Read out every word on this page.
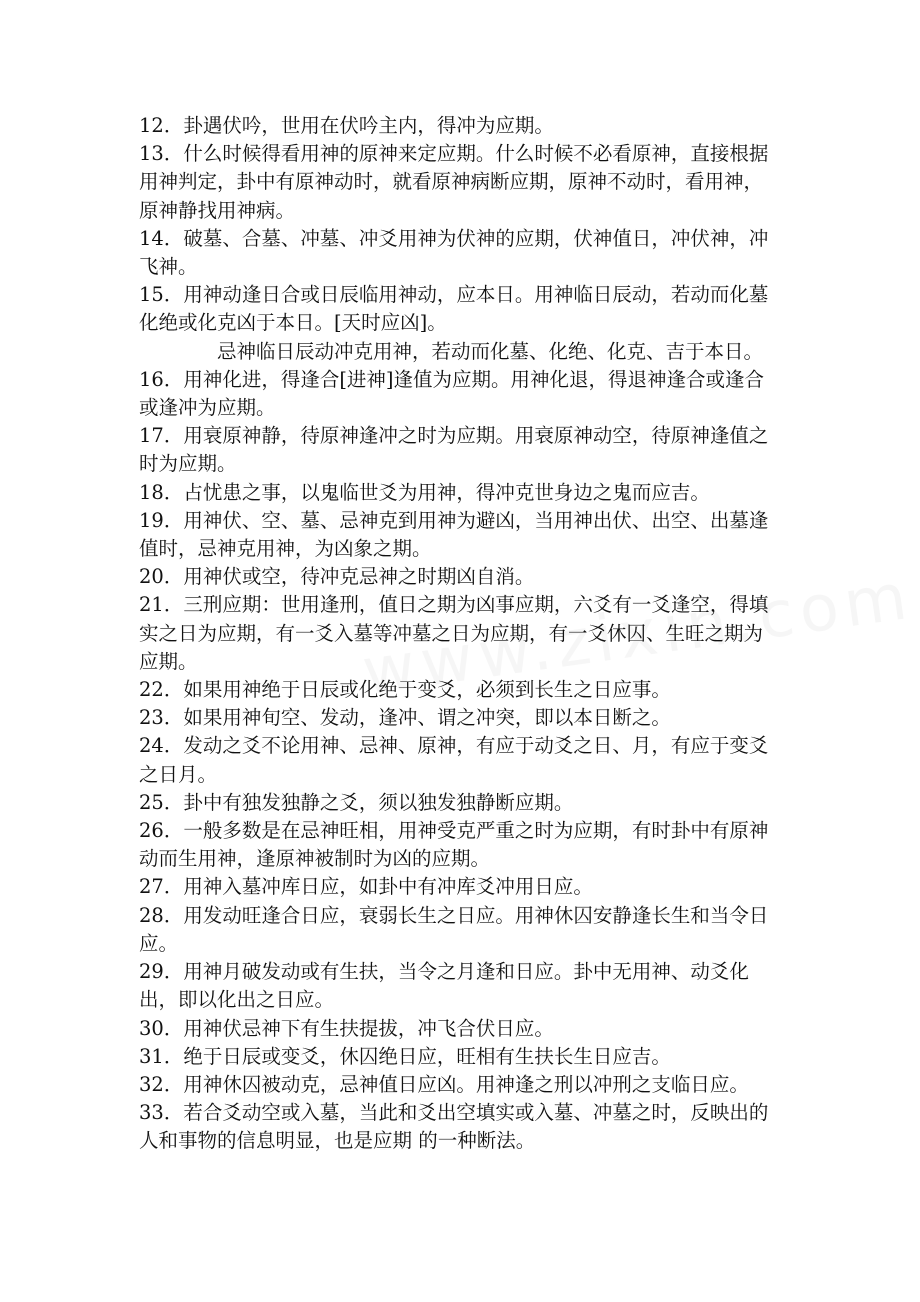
12．卦遇伏吟，世用在伏吟主内，得冲为应期。

13．什么时候得看用神的原神来定应期。什么时候不必看原神，直接根据用神判定，卦中有原神动时，就看原神病断应期，原神不动时，看用神，原神静找用神病。

14．破墓、合墓、冲墓、冲爻用神为伏神的应期，伏神值日，冲伏神，冲飞神。

15．用神动逢日合或日辰临用神动，应本日。用神临日辰动，若动而化墓化绝或化克凶于本日。[天时应凶]。

忌神临日辰动冲克用神，若动而化墓、化绝、化克、吉于本日。

16．用神化进，得逢合[进神]逢值为应期。用神化退，得退神逢合或逢合或逢冲为应期。

17．用衰原神静，待原神逢冲之时为应期。用衰原神动空，待原神逢值之时为应期。

18．占忧患之事，以鬼临世爻为用神，得冲克世身边之鬼而应吉。

19．用神伏、空、墓、忌神克到用神为避凶，当用神出伏、出空、出墓逢值时，忌神克用神，为凶象之期。

20．用神伏或空，待冲克忌神之时期凶自消。

21．三刑应期：世用逢刑，值日之期为凶事应期，六爻有一爻逢空，得填实之日为应期，有一爻入墓等冲墓之日为应期，有一爻休囚、生旺之期为应期。

22．如果用神绝于日辰或化绝于变爻，必须到长生之日应事。

23．如果用神旬空、发动，逢冲、谓之冲突，即以本日断之。

24．发动之爻不论用神、忌神、原神，有应于动爻之日、月，有应于变爻之日月。

25．卦中有独发独静之爻，须以独发独静断应期。

26．一般多数是在忌神旺相，用神受克严重之时为应期，有时卦中有原神动而生用神，逢原神被制时为凶的应期。

27．用神入墓冲库日应，如卦中有冲库爻冲用日应。

28．用发动旺逢合日应，衰弱长生之日应。用神休囚安静逢长生和当令日应。

29．用神月破发动或有生扶，当令之月逢和日应。卦中无用神、动爻化出，即以化出之日应。

30．用神伏忌神下有生扶提拔，冲飞合伏日应。

31．绝于日辰或变爻，休囚绝日应，旺相有生扶长生日应吉。

32．用神休囚被动克，忌神值日应凶。用神逢之刑以冲刑之支临日应。

33．若合爻动空或入墓，当此和爻出空填实或入墓、冲墓之时，反映出的人和事物的信息明显，也是应期 的一种断法。
